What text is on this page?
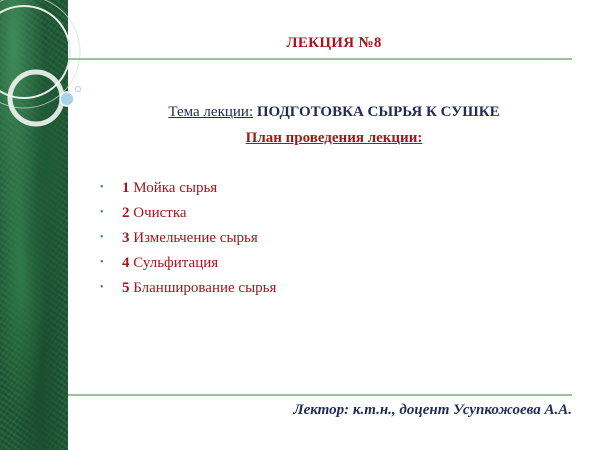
ЛЕКЦИЯ №8
Тема лекции: ПОДГОТОВКА СЫРЬЯ К СУШКЕ
План проведения лекции:
• 1 Мойка сырья
• 2 Очистка
• 3 Измельчение сырья
• 4 Сульфитация
• 5 Бланширование сырья
Лектор: к.т.н., доцент Усупкожоева А.А.
